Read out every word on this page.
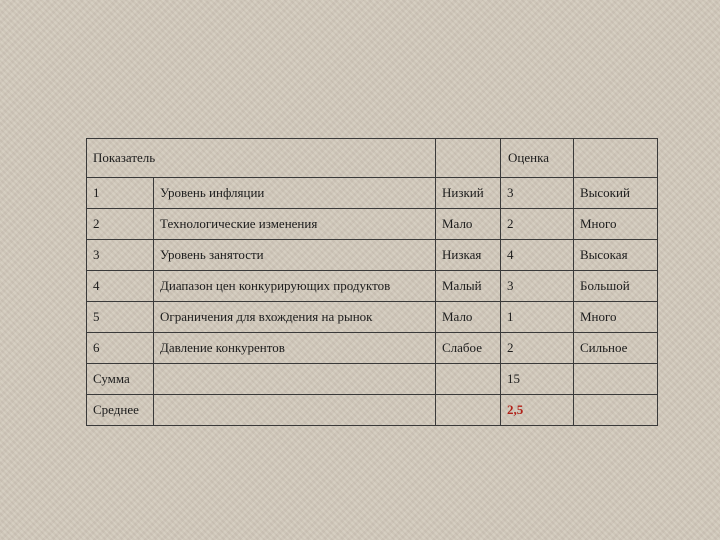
Показатель			Оценка	
1	Уровень инфляции	Низкий	3	Высокий
2	Технологические изменения	Мало	2	Много
3	Уровень занятости	Низкая	4	Высокая
4	Диапазон цен конкурирующих продуктов	Малый	3	Большой
5	Ограничения для вхождения на рынок	Мало	1	Много
6	Давление конкурентов	Слабое	2	Сильное
Сумма			15	
Среднее			2,5	
